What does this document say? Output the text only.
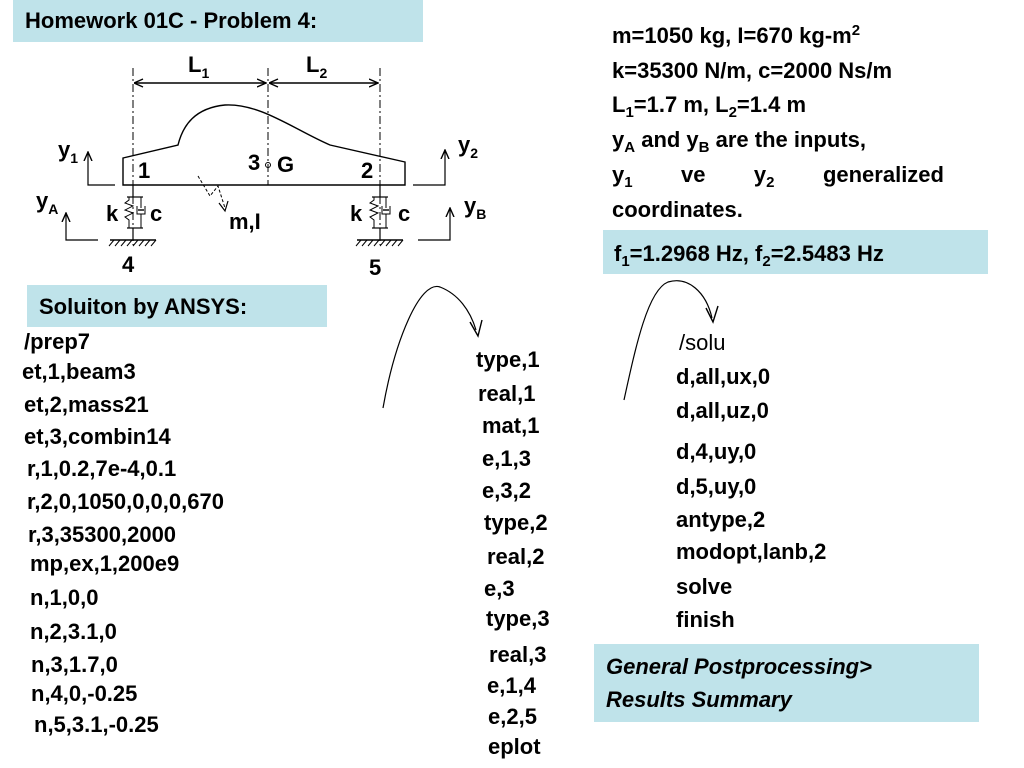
Homework 01C - Problem 4:
m=1050 kg, I=670 $kg-m^2$
k=35300 N/m, c=2000 Ns/m
$L_1=1.7$ m, $L_2=1.4$ m
$y_A$ and $y_B$ are the inputs,
$y_1$ ve $y_2$ generalized
coordinates.
$f_1=1.2968$ Hz, $f_2=2.5483$ Hz
$L_1$	$L_2$
1	3 G	2
m,I
k c
4
k c
5
$y_1$
$y_2$
$y_A$	$y_B$
Soluiton by ANSYS:
/prep7
et,1,beam3
et,2,mass21
et,3,combin14
r,1,0.2,7e-4,0.1
r,2,0,1050,0,0,0,670
r,3,35300,2000
mp,ex,1,200e9
n,1,0,0
n,2,3.1,0
n,3,1.7,0
n,4,0,-0.25
n,5,3.1,-0.25
type,1
real,1
mat,1
e,1,3
e,3,2
type,2
real,2
e,3
type,3
real,3
e,1,4
e,2,5
eplot
/solu
d,all,ux,0
d,all,uz,0
d,4,uy,0
d,5,uy,0
antype,2
modopt,lanb,2
solve
finish
General Postprocessing>
Results Summary
